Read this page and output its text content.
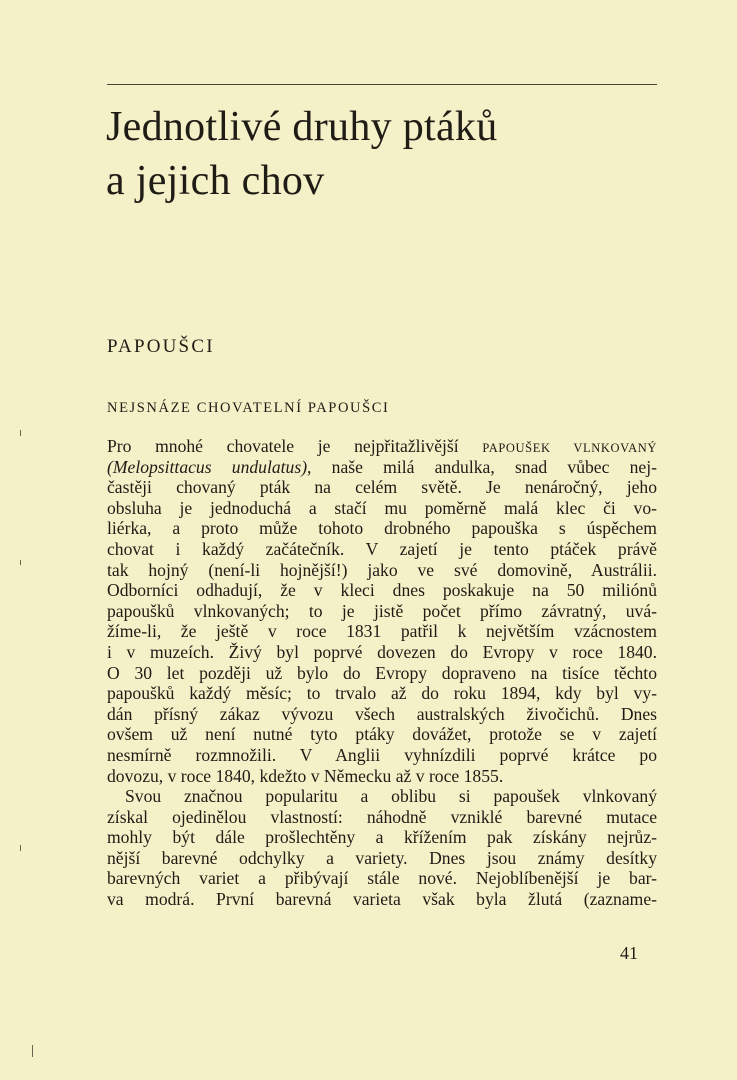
Jednotlivé druhy ptáků
a jejich chov
PAPOUŠCI
NEJSNÁZE CHOVATELNÍ PAPOUŠCI
Pro mnohé chovatele je nejpřitažlivější PAPOUŠEK VLNKOVANÝ
(Melopsittacus undulatus), naše milá andulka, snad vůbec nej-
častěji chovaný pták na celém světě. Je nenáročný, jeho
obsluha je jednoduchá a stačí mu poměrně malá klec či vo-
liérka, a proto může tohoto drobného papouška s úspěchem
chovat i každý začátečník. V zajetí je tento ptáček právě
tak hojný (není-li hojnější!) jako ve své domovině, Austrálii.
Odborníci odhadují, že v kleci dnes poskakuje na 50 miliónů
papoušků vlnkovaných; to je jistě počet přímo závratný, uvá-
žíme-li, že ještě v roce 1831 patřil k největším vzácnostem
i v muzeích. Živý byl poprvé dovezen do Evropy v roce 1840.
O 30 let později už bylo do Evropy dopraveno na tisíce těchto
papoušků každý měsíc; to trvalo až do roku 1894, kdy byl vy-
dán přísný zákaz vývozu všech australských živočichů. Dnes
ovšem už není nutné tyto ptáky dovážet, protože se v zajetí
nesmírně rozmnožili. V Anglii vyhnízdili poprvé krátce po
dovozu, v roce 1840, kdežto v Německu až v roce 1855.
Svou značnou popularitu a oblibu si papoušek vlnkovaný
získal ojedinělou vlastností: náhodně vzniklé barevné mutace
mohly být dále prošlechtěny a křížením pak získány nejrůz-
nější barevné odchylky a variety. Dnes jsou známy desítky
barevných variet a přibývají stále nové. Nejoblíbenější je bar-
va modrá. První barevná varieta však byla žlutá (zazname-
41
